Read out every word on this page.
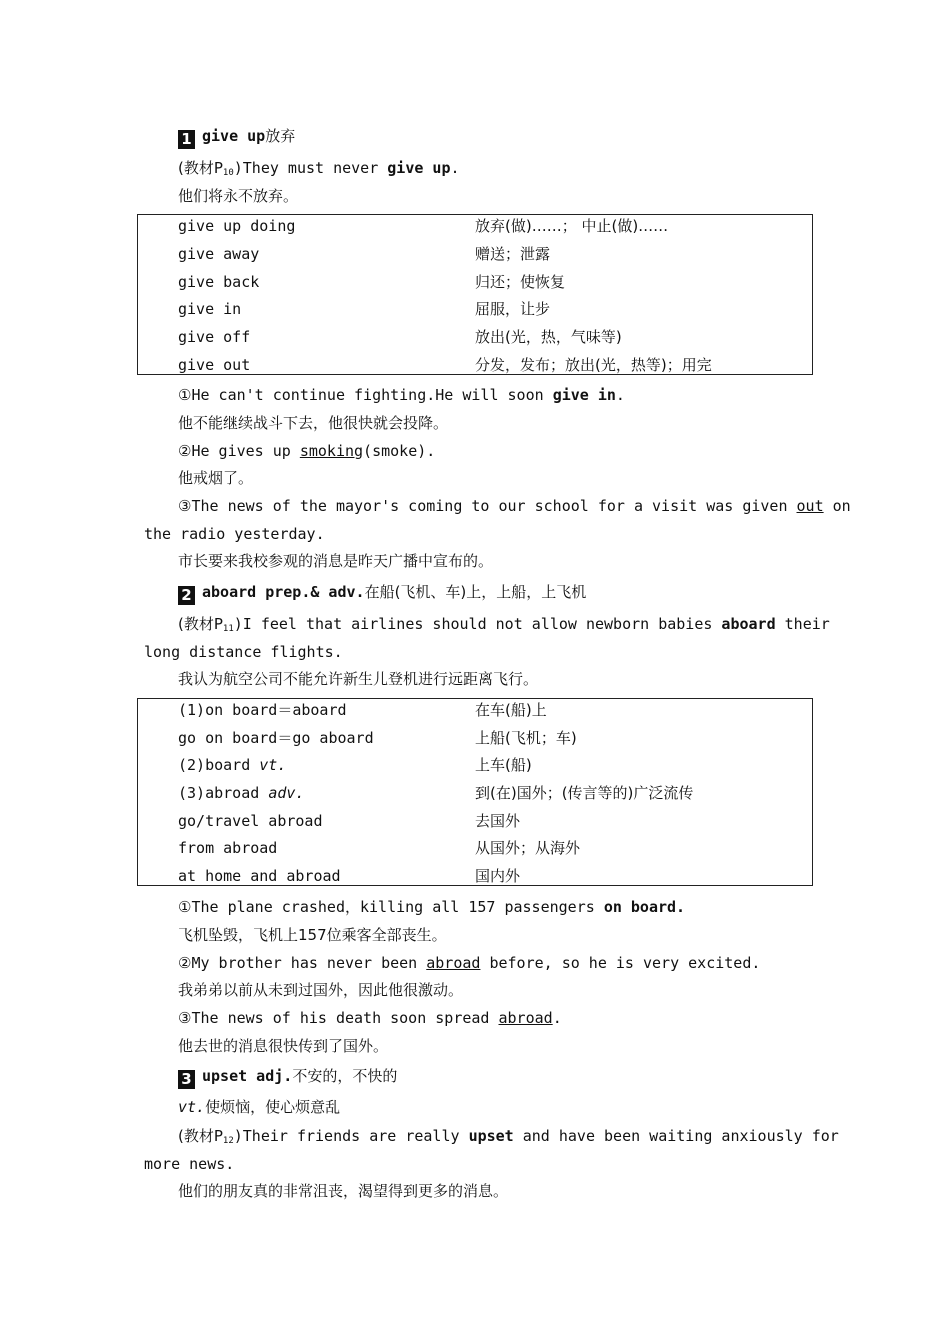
1 give up放弃
(教材$P_{10})They$ must never give up.
他们将永不放弃。
give up doing	放弃(做)……； 中止(做)……
give away	赠送；泄露
give back	归还；使恢复
give in	屈服，让步
give off	放出(光，热，气味等)
give out	分发，发布；放出(光，热等)；用完
①He can't continue fighting.He will soon give in.
他不能继续战斗下去，他很快就会投降。
②He gives up smoking(smoke).
他戒烟了。
③The news of the mayor's coming to our school for a visit was given out on
the radio yesterday.
市长要来我校参观的消息是昨天广播中宣布的。
2 aboard prep.& adv.在船(飞机、车)上，上船，上飞机
(教材$P_{11})I$ feel that airlines should not allow newborn babies aboard their
long distance flights.
我认为航空公司不能允许新生儿登机进行远距离飞行。
(1)on board＝aboard	在车(船)上
go on board＝go aboard	上船(飞机；车)
(2)board vt.	上车(船)
(3)abroad adv.	到(在)国外；(传言等的)广泛流传
go/travel abroad	去国外
from abroad	从国外；从海外
at home and abroad	国内外
①The plane crashed，killing all 157 passengers on board.
飞机坠毁，飞机上157位乘客全部丧生。
②My brother has never been abroad before, so he is very excited.
我弟弟以前从未到过国外，因此他很激动。
③The news of his death soon spread abroad.
他去世的消息很快传到了国外。
3 upset adj.不安的，不快的
vt.使烦恼，使心烦意乱
(教材$P_{12})Their$ friends are really upset and have been waiting anxiously for
more news.
他们的朋友真的非常沮丧，渴望得到更多的消息。
